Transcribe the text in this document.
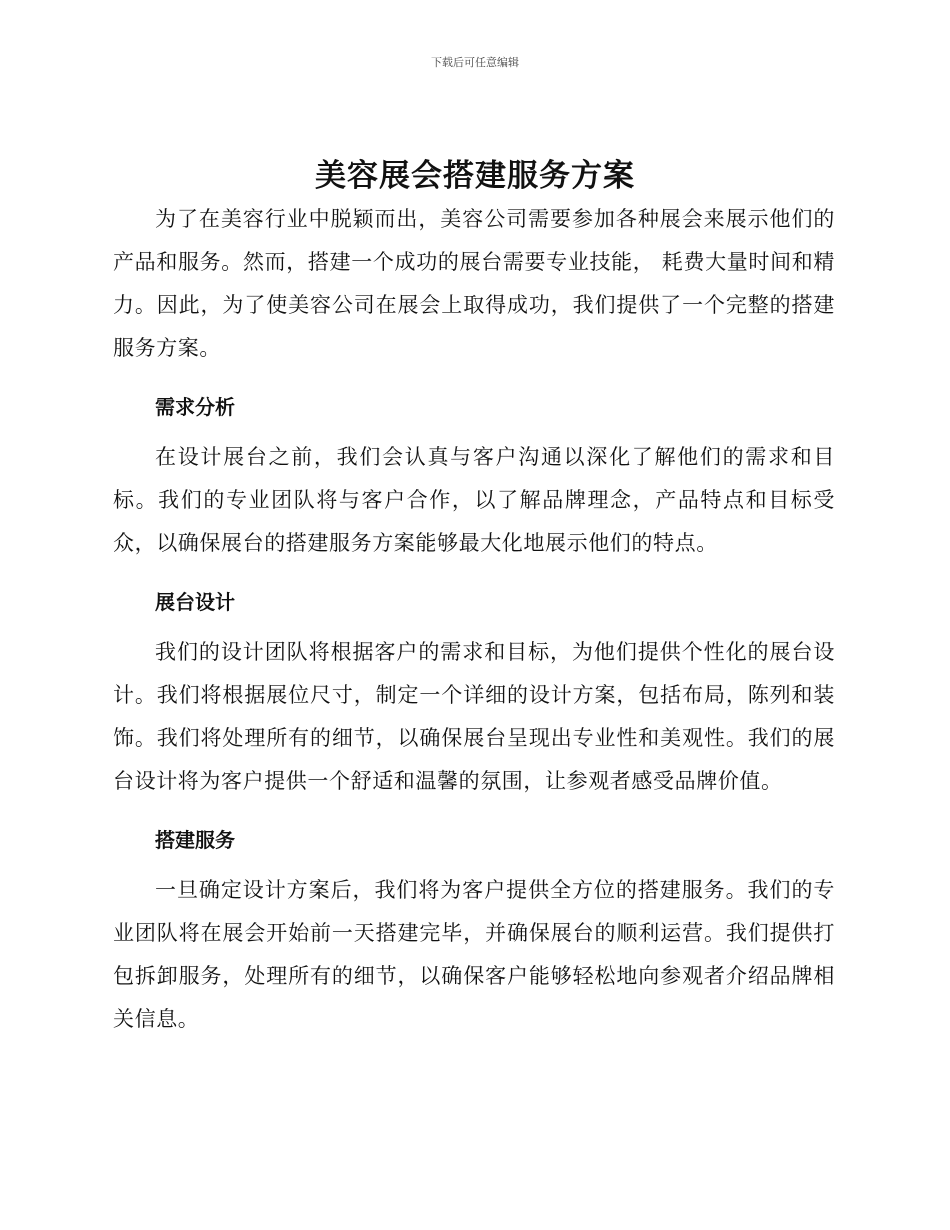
下载后可任意编辑
美容展会搭建服务方案

为了在美容行业中脱颖而出，美容公司需要参加各种展会来展示他们的产品和服务。然而，搭建一个成功的展台需要专业技能， 耗费大量时间和精力。因此，为了使美容公司在展会上取得成功，我们提供了一个完整的搭建服务方案。

需求分析

在设计展台之前，我们会认真与客户沟通以深化了解他们的需求和目标。我们的专业团队将与客户合作，以了解品牌理念，产品特点和目标受众，以确保展台的搭建服务方案能够最大化地展示他们的特点。

展台设计

我们的设计团队将根据客户的需求和目标，为他们提供个性化的展台设计。我们将根据展位尺寸，制定一个详细的设计方案，包括布局，陈列和装饰。我们将处理所有的细节，以确保展台呈现出专业性和美观性。我们的展台设计将为客户提供一个舒适和温馨的氛围，让参观者感受品牌价值。

搭建服务

一旦确定设计方案后，我们将为客户提供全方位的搭建服务。我们的专业团队将在展会开始前一天搭建完毕，并确保展台的顺利运营。我们提供打包拆卸服务，处理所有的细节，以确保客户能够轻松地向参观者介绍品牌相关信息。
